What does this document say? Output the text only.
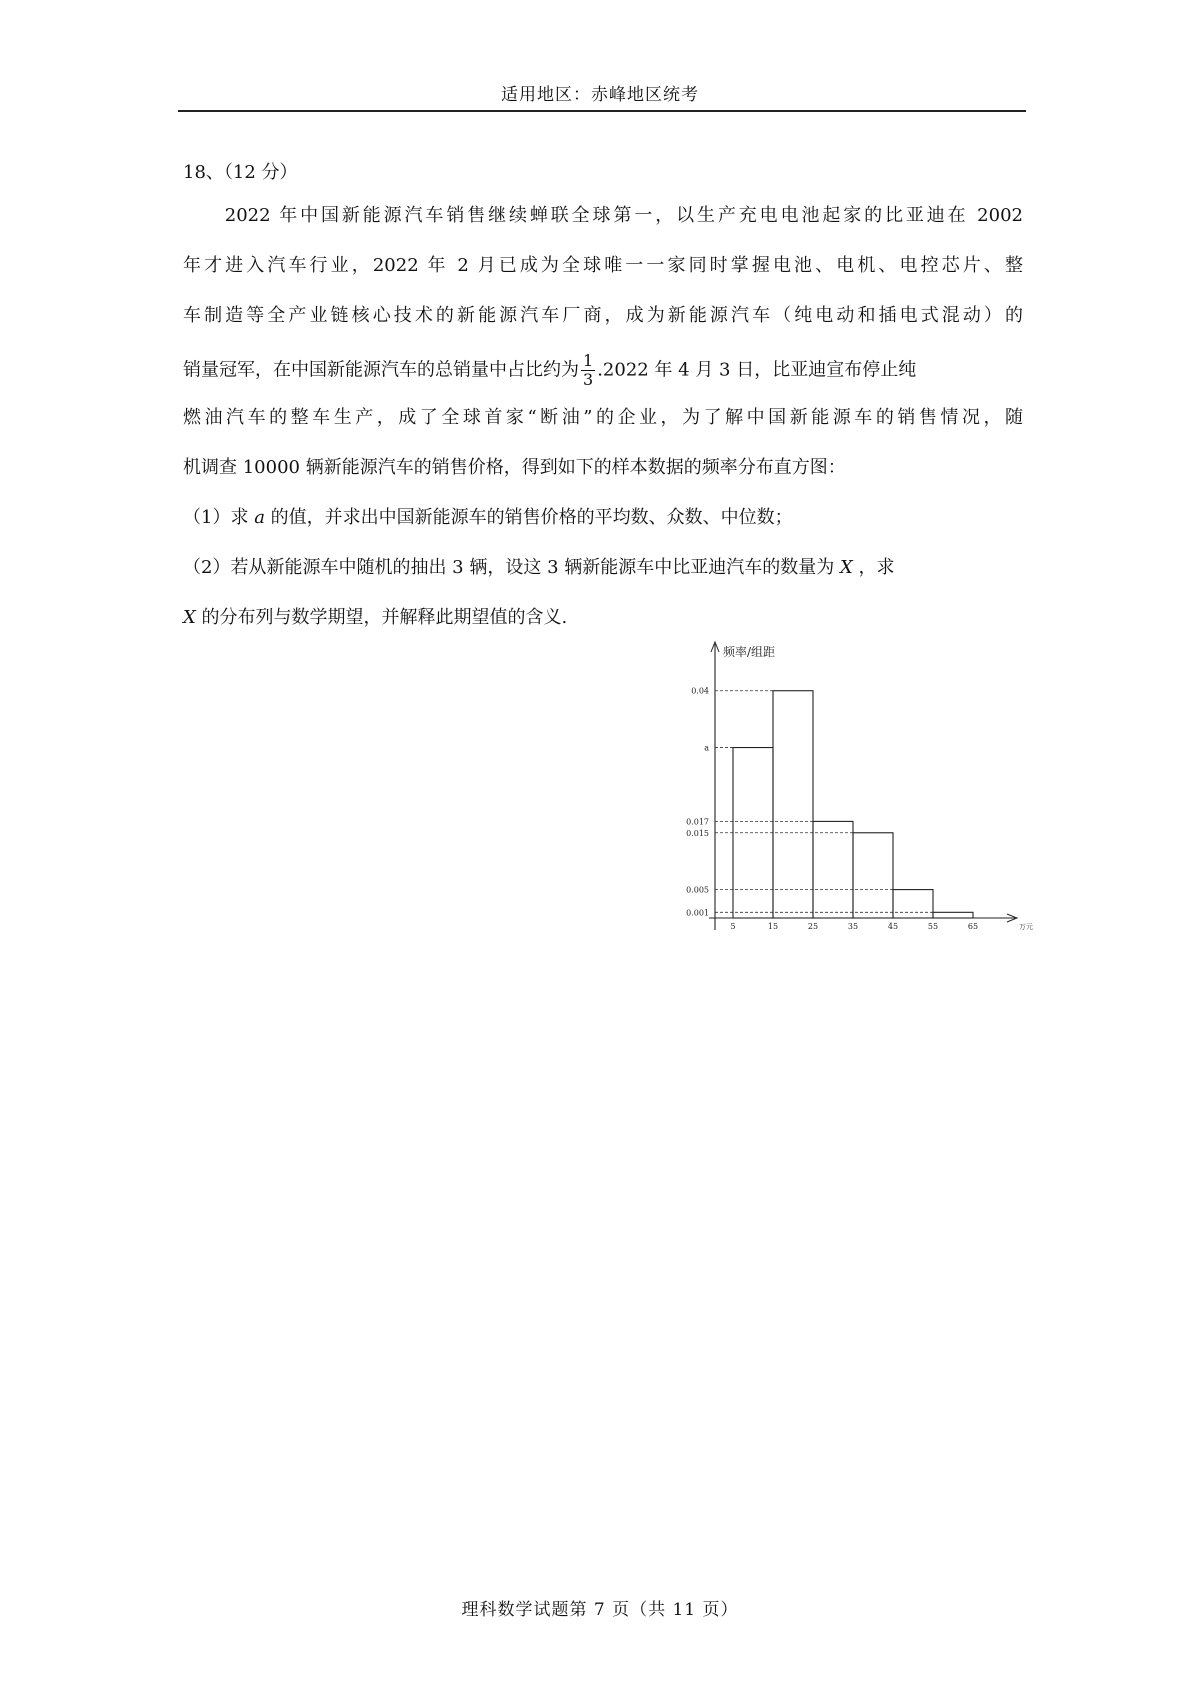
适用地区：赤峰地区统考
18、（12 分）
　　2022 年中国新能源汽车销售继续蝉联全球第一，以生产充电电池起家的比亚迪在 2002
年才进入汽车行业，2022 年 2 月已成为全球唯一一家同时掌握电池、电机、电控芯片、整
车制造等全产业链核心技术的新能源汽车厂商，成为新能源汽车（纯电动和插电式混动）的
销量冠军，在中国新能源汽车的总销量中占比约为 $\frac{1}{3} .2022$ 年 4 月 3 日，比亚迪宣布停止纯
燃油汽车的整车生产，成了全球首家“断油”的企业，为了解中国新能源车的销售情况，随
机调查 10000 辆新能源汽车的销售价格，得到如下的样本数据的频率分布直方图：
（1）求 a 的值，并求出中国新能源车的销售价格的平均数、众数、中位数；
（2）若从新能源车中随机的抽出 3 辆，设这 3 辆新能源车中比亚迪汽车的数量为 X ，求
X 的分布列与数学期望，并解释此期望值的含义.
频率/组距
0.04
a
0.017
0.015
0.005
0.001
5	15	25	35	45	55	65	万元
理科数学试题第 7 页（共 11 页）
